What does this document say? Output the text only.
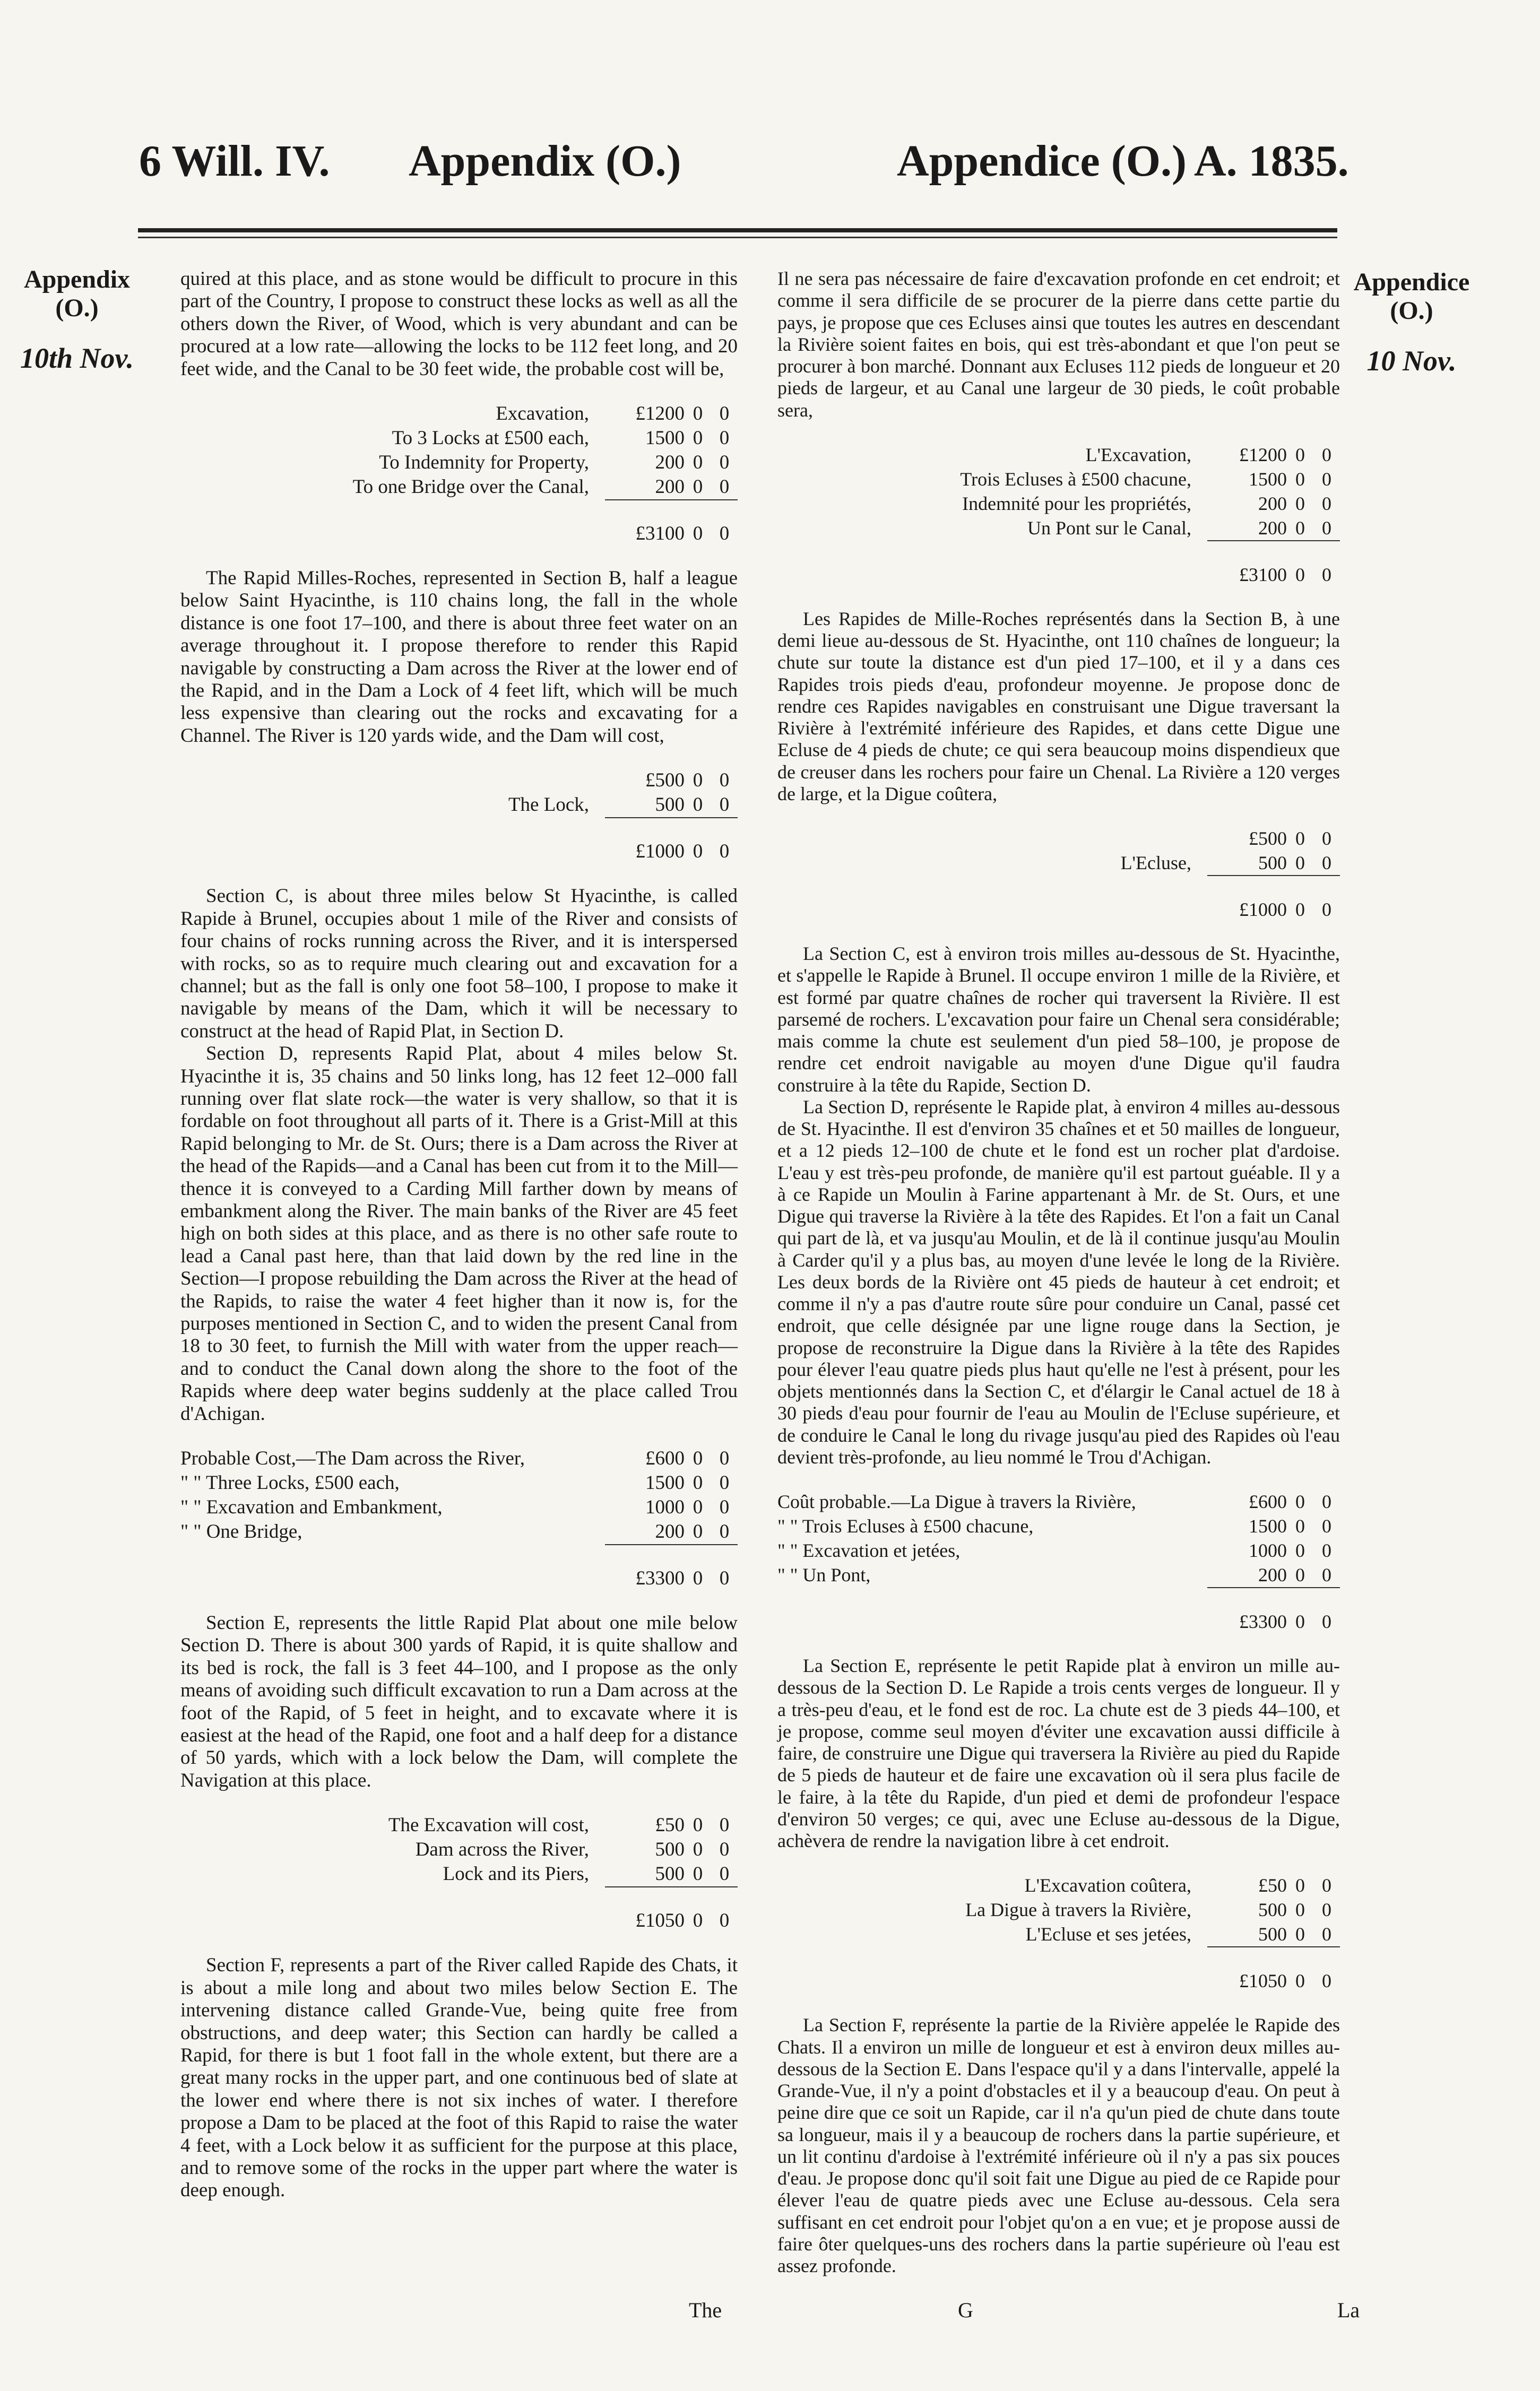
6 Will. IV. Appendix (O.)	Appendice (O.) A. 1835.
Appendix
(O.)
10th Nov.
Appendice
(O.)
10 Nov.

quired at this place, and as stone would be difficult to procure in this part of the Country, I propose to construct these locks as well as all the others down the River, of Wood, which is very abundant and can be procured at a low rate—allowing the locks to be 112 feet long, and 20 feet wide, and the Canal to be 30 feet wide, the probable cost will be,

Excavation,	£1200	0	0
To 3 Locks at £500 each,	1500	0	0
To Indemnity for Property,	200	0	0
To one Bridge over the Canal,	200	0	0
	£3100	0	0

The Rapid Milles-Roches, represented in Section B, half a league below Saint Hyacinthe, is 110 chains long, the fall in the whole distance is one foot 17–100, and there is about three feet water on an average throughout it. I propose therefore to render this Rapid navigable by constructing a Dam across the River at the lower end of the Rapid, and in the Dam a Lock of 4 feet lift, which will be much less expensive than clearing out the rocks and excavating for a Channel. The River is 120 yards wide, and the Dam will cost,

	£500	0	0
The Lock,	500	0	0
	£1000	0	0

Section C, is about three miles below St Hyacinthe, is called Rapide à Brunel, occupies about 1 mile of the River and consists of four chains of rocks running across the River, and it is interspersed with rocks, so as to require much clearing out and excavation for a channel; but as the fall is only one foot 58–100, I propose to make it navigable by means of the Dam, which it will be necessary to construct at the head of Rapid Plat, in Section D.

Section D, represents Rapid Plat, about 4 miles below St. Hyacinthe it is, 35 chains and 50 links long, has 12 feet 12–000 fall running over flat slate rock—the water is very shallow, so that it is fordable on foot throughout all parts of it. There is a Grist-Mill at this Rapid belonging to Mr. de St. Ours; there is a Dam across the River at the head of the Rapids—and a Canal has been cut from it to the Mill—thence it is conveyed to a Carding Mill farther down by means of embankment along the River. The main banks of the River are 45 feet high on both sides at this place, and as there is no other safe route to lead a Canal past here, than that laid down by the red line in the Section—I propose rebuilding the Dam across the River at the head of the Rapids, to raise the water 4 feet higher than it now is, for the purposes mentioned in Section C, and to widen the present Canal from 18 to 30 feet, to furnish the Mill with water from the upper reach—and to conduct the Canal down along the shore to the foot of the Rapids where deep water begins suddenly at the place called Trou d'Achigan.

Probable Cost,—The Dam across the River,	£600	0	0
" " Three Locks, £500 each,	1500	0	0
" " Excavation and Embankment,	1000	0	0
" " One Bridge,	200	0	0
	£3300	0	0

Section E, represents the little Rapid Plat about one mile below Section D. There is about 300 yards of Rapid, it is quite shallow and its bed is rock, the fall is 3 feet 44–100, and I propose as the only means of avoiding such difficult excavation to run a Dam across at the foot of the Rapid, of 5 feet in height, and to excavate where it is easiest at the head of the Rapid, one foot and a half deep for a distance of 50 yards, which with a lock below the Dam, will complete the Navigation at this place.

The Excavation will cost,	£50	0	0
Dam across the River,	500	0	0
Lock and its Piers,	500	0	0
	£1050	0	0

Section F, represents a part of the River called Rapide des Chats, it is about a mile long and about two miles below Section E. The intervening distance called Grande-Vue, being quite free from obstructions, and deep water; this Section can hardly be called a Rapid, for there is but 1 foot fall in the whole extent, but there are a great many rocks in the upper part, and one continuous bed of slate at the lower end where there is not six inches of water. I therefore propose a Dam to be placed at the foot of this Rapid to raise the water 4 feet, with a Lock below it as sufficient for the purpose at this place, and to remove some of the rocks in the upper part where the water is deep enough.

Il ne sera pas nécessaire de faire d'excavation profonde en cet endroit; et comme il sera difficile de se procurer de la pierre dans cette partie du pays, je propose que ces Ecluses ainsi que toutes les autres en descendant la Rivière soient faites en bois, qui est très-abondant et que l'on peut se procurer à bon marché. Donnant aux Ecluses 112 pieds de longueur et 20 pieds de largeur, et au Canal une largeur de 30 pieds, le coût probable sera,

L'Excavation,	£1200	0	0
Trois Ecluses à £500 chacune,	1500	0	0
Indemnité pour les propriétés,	200	0	0
Un Pont sur le Canal,	200	0	0
	£3100	0	0

Les Rapides de Mille-Roches représentés dans la Section B, à une demi lieue au-dessous de St. Hyacinthe, ont 110 chaînes de longueur; la chute sur toute la distance est d'un pied 17–100, et il y a dans ces Rapides trois pieds d'eau, profondeur moyenne. Je propose donc de rendre ces Rapides navigables en construisant une Digue traversant la Rivière à l'extrémité inférieure des Rapides, et dans cette Digue une Ecluse de 4 pieds de chute; ce qui sera beaucoup moins dispendieux que de creuser dans les rochers pour faire un Chenal. La Rivière a 120 verges de large, et la Digue coûtera,

	£500	0	0
L'Ecluse,	500	0	0
	£1000	0	0

La Section C, est à environ trois milles au-dessous de St. Hyacinthe, et s'appelle le Rapide à Brunel. Il occupe environ 1 mille de la Rivière, et est formé par quatre chaînes de rocher qui traversent la Rivière. Il est parsemé de rochers. L'excavation pour faire un Chenal sera considérable; mais comme la chute est seulement d'un pied 58–100, je propose de rendre cet endroit navigable au moyen d'une Digue qu'il faudra construire à la tête du Rapide, Section D.

La Section D, représente le Rapide plat, à environ 4 milles au-dessous de St. Hyacinthe. Il est d'environ 35 chaînes et et 50 mailles de longueur, et a 12 pieds 12–100 de chute et le fond est un rocher plat d'ardoise. L'eau y est très-peu profonde, de manière qu'il est partout guéable. Il y a à ce Rapide un Moulin à Farine appartenant à Mr. de St. Ours, et une Digue qui traverse la Rivière à la tête des Rapides. Et l'on a fait un Canal qui part de là, et va jusqu'au Moulin, et de là il continue jusqu'au Moulin à Carder qu'il y a plus bas, au moyen d'une levée le long de la Rivière. Les deux bords de la Rivière ont 45 pieds de hauteur à cet endroit; et comme il n'y a pas d'autre route sûre pour conduire un Canal, passé cet endroit, que celle désignée par une ligne rouge dans la Section, je propose de reconstruire la Digue dans la Rivière à la tête des Rapides pour élever l'eau quatre pieds plus haut qu'elle ne l'est à présent, pour les objets mentionnés dans la Section C, et d'élargir le Canal actuel de 18 à 30 pieds d'eau pour fournir de l'eau au Moulin de l'Ecluse supérieure, et de conduire le Canal le long du rivage jusqu'au pied des Rapides où l'eau devient très-profonde, au lieu nommé le Trou d'Achigan.

Coût probable.—La Digue à travers la Rivière,	£600	0	0
" " Trois Ecluses à £500 chacune,	1500	0	0
" " Excavation et jetées,	1000	0	0
" " Un Pont,	200	0	0
	£3300	0	0

La Section E, représente le petit Rapide plat à environ un mille au-dessous de la Section D. Le Rapide a trois cents verges de longueur. Il y a très-peu d'eau, et le fond est de roc. La chute est de 3 pieds 44–100, et je propose, comme seul moyen d'éviter une excavation aussi difficile à faire, de construire une Digue qui traversera la Rivière au pied du Rapide de 5 pieds de hauteur et de faire une excavation où il sera plus facile de le faire, à la tête du Rapide, d'un pied et demi de profondeur l'espace d'environ 50 verges; ce qui, avec une Ecluse au-dessous de la Digue, achèvera de rendre la navigation libre à cet endroit.

L'Excavation coûtera,	£50	0	0
La Digue à travers la Rivière,	500	0	0
L'Ecluse et ses jetées,	500	0	0
	£1050	0	0

La Section F, représente la partie de la Rivière appelée le Rapide des Chats. Il a environ un mille de longueur et est à environ deux milles au-dessous de la Section E. Dans l'espace qu'il y a dans l'intervalle, appelé la Grande-Vue, il n'y a point d'obstacles et il y a beaucoup d'eau. On peut à peine dire que ce soit un Rapide, car il n'a qu'un pied de chute dans toute sa longueur, mais il y a beaucoup de rochers dans la partie supérieure, et un lit continu d'ardoise à l'extrémité inférieure où il n'y a pas six pouces d'eau. Je propose donc qu'il soit fait une Digue au pied de ce Rapide pour élever l'eau de quatre pieds avec une Ecluse au-dessous. Cela sera suffisant en cet endroit pour l'objet qu'on a en vue; et je propose aussi de faire ôter quelques-uns des rochers dans la partie supérieure où l'eau est assez profonde.

The	G	La
